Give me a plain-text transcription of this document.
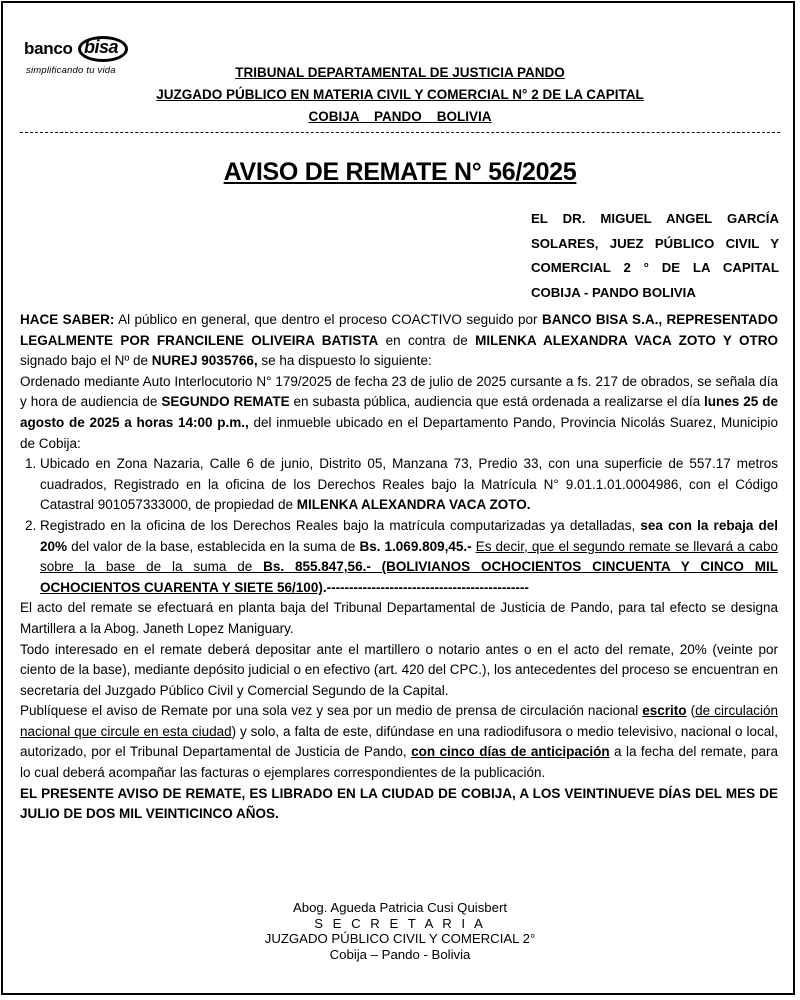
banco bisa
simplificando tu vida	TRIBUNAL DEPARTAMENTAL DE JUSTICIA PANDO
JUZGADO PÚBLICO EN MATERIA CIVIL Y COMERCIAL N° 2 DE LA CAPITAL
COBIJA    PANDO    BOLIVIA
AVISO DE REMATE N° 56/2025
EL DR. MIGUEL ANGEL GARCÍA SOLARES, JUEZ PÚBLICO CIVIL Y COMERCIAL 2 ° DE LA CAPITAL COBIJA - PANDO BOLIVIA

HACE SABER: Al público en general, que dentro el proceso COACTIVO seguido por BANCO BISA S.A., REPRESENTADO LEGALMENTE POR FRANCILENE OLIVEIRA BATISTA en contra de MILENKA ALEXANDRA VACA ZOTO Y OTRO signado bajo el Nº de NUREJ 9035766, se ha dispuesto lo siguiente:

Ordenado mediante Auto Interlocutorio N° 179/2025 de fecha 23 de julio de 2025 cursante a fs. 217 de obrados, se señala día y hora de audiencia de SEGUNDO REMATE en subasta pública, audiencia que está ordenada a realizarse el día lunes 25 de agosto de 2025 a horas 14:00 p.m., del inmueble ubicado en el Departamento Pando, Provincia Nicolás Suarez, Municipio de Cobija:

1. Ubicado en Zona Nazaria, Calle 6 de junio, Distrito 05, Manzana 73, Predio 33, con una superficie de 557.17 metros cuadrados, Registrado en la oficina de los Derechos Reales bajo la Matrícula N° 9.01.1.01.0004986, con el Código Catastral 901057333000, de propiedad de MILENKA ALEXANDRA VACA ZOTO.
2. Registrado en la oficina de los Derechos Reales bajo la matrícula computarizadas ya detalladas, sea con la rebaja del 20% del valor de la base, establecida en la suma de Bs. 1.069.809,45.- Es decir, que el segundo remate se llevará a cabo sobre la base de la suma de Bs. 855.847,56.- (BOLIVIANOS OCHOCIENTOS CINCUENTA Y CINCO MIL OCHOCIENTOS CUARENTA Y SIETE 56/100).---------------------------------------------

El acto del remate se efectuará en planta baja del Tribunal Departamental de Justicia de Pando, para tal efecto se designa Martillera a la Abog. Janeth Lopez Maniguary.

Todo interesado en el remate deberá depositar ante el martillero o notario antes o en el acto del remate, 20% (veinte por ciento de la base), mediante depósito judicial o en efectivo (art. 420 del CPC.), los antecedentes del proceso se encuentran en secretaria del Juzgado Público Civil y Comercial Segundo de la Capital.

Publíquese el aviso de Remate por una sola vez y sea por un medio de prensa de circulación nacional escrito (de circulación nacional que circule en esta ciudad) y solo, a falta de este, difúndase en una radiodifusora o medio televisivo, nacional o local, autorizado, por el Tribunal Departamental de Justicia de Pando, con cinco días de anticipación a la fecha del remate, para lo cual deberá acompañar las facturas o ejemplares correspondientes de la publicación.

EL PRESENTE AVISO DE REMATE, ES LIBRADO EN LA CIUDAD DE COBIJA, A LOS VEINTINUEVE DÍAS DEL MES DE JULIO DE DOS MIL VEINTICINCO AÑOS.

Abog. Agueda Patricia Cusi Quisbert
S E C R E T A R I A
JUZGADO PÚBLICO CIVIL Y COMERCIAL 2°
Cobija – Pando - Bolivia
